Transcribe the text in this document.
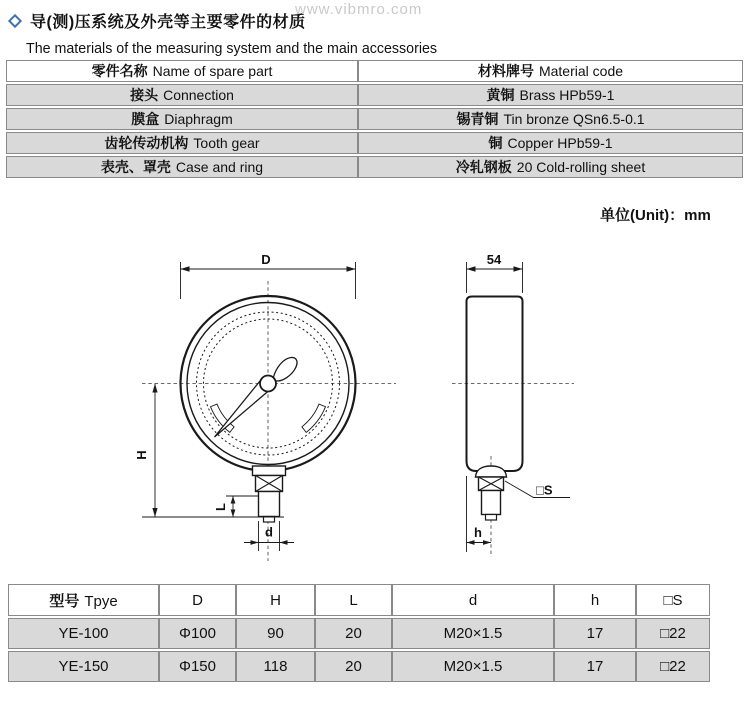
导(测)压系统及外壳等主要零件的材质
The materials of the measuring system and the main accessories
www.vibmro.com
零件名称 Name of spare part	材料牌号 Material code
接头 Connection	黄铜 Brass HPb59-1
膜盒 Diaphragm	锡青铜 Tin bronze QSn6.5-0.1
齿轮传动机构 Tooth gear	铜 Copper HPb59-1
表壳、罩壳 Case and ring	冷轧钢板 20 Cold-rolling sheet
单位(Unit)：mm
D	54
H
L
d	h
□S
型号 Tpye	D	H	L	d	h	□S
YE-100	Φ100	90	20	M20×1.5	17	□22
YE-150	Φ150	118	20	M20×1.5	17	□22
